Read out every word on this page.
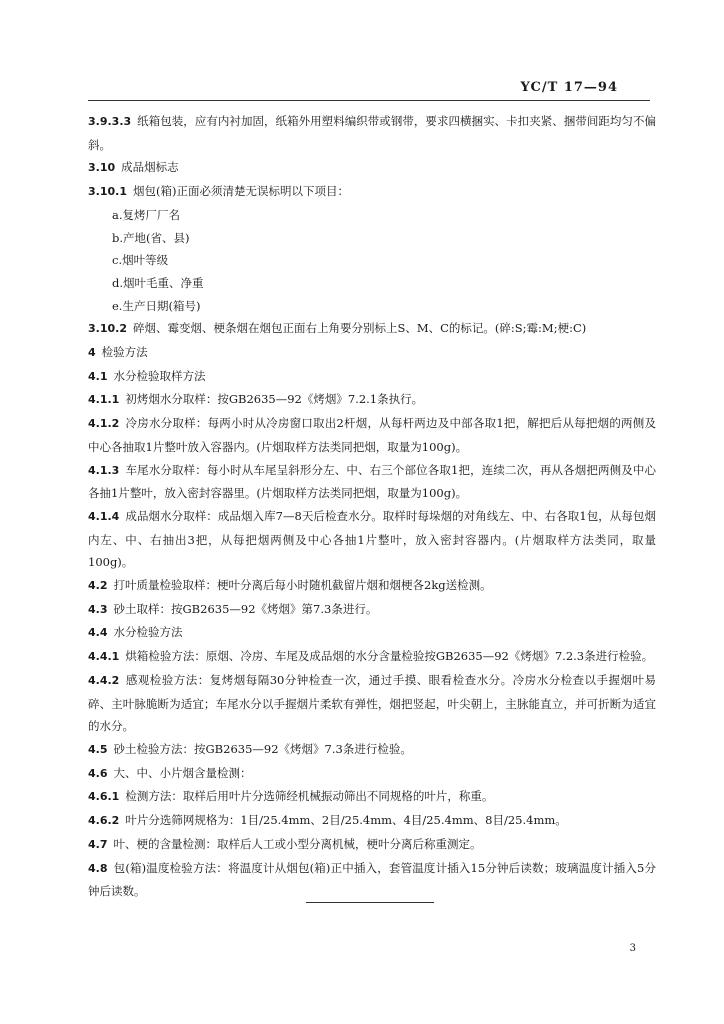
YC/T 17—94
3.9.3.3 纸箱包装，应有内衬加固，纸箱外用塑料编织带或钢带，要求四横捆实、卡扣夹紧、捆带间距均匀不偏斜。
3.10 成品烟标志
3.10.1 烟包(箱)正面必须清楚无误标明以下项目：
a.复烤厂厂名
b.产地(省、县)
c.烟叶等级
d.烟叶毛重、净重
e.生产日期(箱号)
3.10.2 碎烟、霉变烟、梗条烟在烟包正面右上角要分别标上S、M、C的标记。(碎:S;霉:M;梗:C)
4 检验方法
4.1 水分检验取样方法
4.1.1 初烤烟水分取样：按GB2635—92《烤烟》7.2.1条执行。
4.1.2 冷房水分取样：每两小时从冷房窗口取出2杆烟，从每杆两边及中部各取1把，解把后从每把烟的两侧及中心各抽取1片整叶放入容器内。(片烟取样方法类同把烟，取量为100g)。
4.1.3 车尾水分取样：每小时从车尾呈斜形分左、中、右三个部位各取1把，连续二次，再从各烟把两侧及中心各抽1片整叶，放入密封容器里。(片烟取样方法类同把烟，取量为100g)。
4.1.4 成品烟水分取样：成品烟入库7—8天后检查水分。取样时每垛烟的对角线左、中、右各取1包，从每包烟内左、中、右抽出3把，从每把烟两侧及中心各抽1片整叶，放入密封容器内。(片烟取样方法类同，取量100g)。
4.2 打叶质量检验取样：梗叶分离后每小时随机截留片烟和烟梗各2kg送检测。
4.3 砂土取样：按GB2635—92《烤烟》第7.3条进行。
4.4 水分检验方法
4.4.1 烘箱检验方法：原烟、冷房、车尾及成品烟的水分含量检验按GB2635—92《烤烟》7.2.3条进行检验。
4.4.2 感观检验方法：复烤烟每隔30分钟检查一次，通过手摸、眼看检查水分。冷房水分检查以手握烟叶易碎、主叶脉脆断为适宜；车尾水分以手握烟片柔软有弹性，烟把竖起，叶尖朝上，主脉能直立，并可折断为适宜的水分。
4.5 砂土检验方法：按GB2635—92《烤烟》7.3条进行检验。
4.6 大、中、小片烟含量检测：
4.6.1 检测方法：取样后用叶片分选筛经机械振动筛出不同规格的叶片，称重。
4.6.2 叶片分选筛网规格为：1目/25.4mm、2目/25.4mm、4目/25.4mm、8目/25.4mm。
4.7 叶、梗的含量检测：取样后人工或小型分离机械，梗叶分离后称重测定。
4.8 包(箱)温度检验方法：将温度计从烟包(箱)正中插入，套管温度计插入15分钟后读数；玻璃温度计插入5分钟后读数。
3
